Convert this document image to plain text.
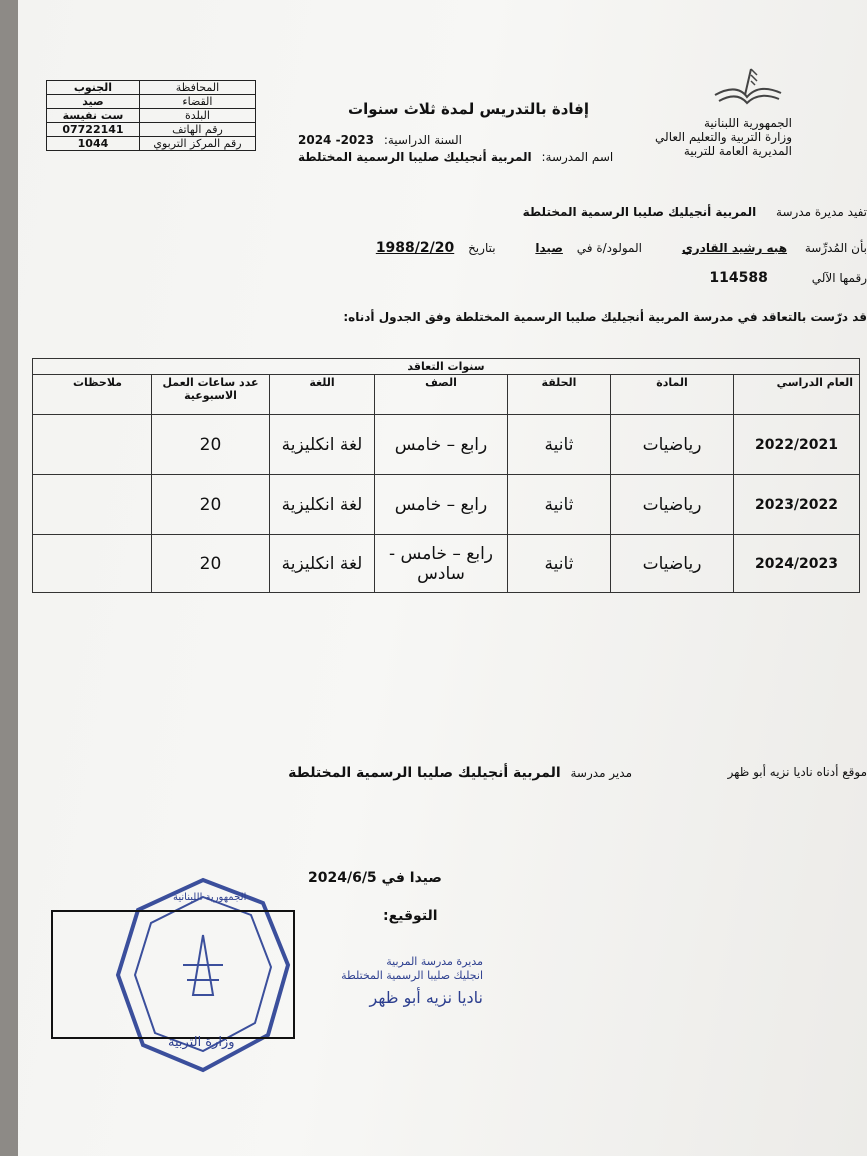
الجمهورية اللبنانية
وزارة التربية والتعليم العالي
المديرية العامة للتربية
إفادة بالتدريس لمدة ثلاث سنوات
السنة الدراسية: 2023- 2024
اسم المدرسة: المربية أنجيليك صليبا الرسمية المختلطة
المحافظة	الجنوب
القضاء	صيد
البلدة	ست نفيسة
رقم الهاتف	07722141
رقم المركز التربوي	1044
تفيد مديرة مدرسة المربية أنجيليك صليبا الرسمية المختلطة
بأن المُدرِّسة هبه رشيد القادري المولود/ة في صيدا بتاريخ 1988/2/20
رقمها الآلي 114588
قد درّست بالتعاقد في مدرسة المربية أنجيليك صليبا الرسمية المختلطة وفق الجدول أدناه:
سنوات التعاقد						
العام الدراسي	المادة	الحلقة	الصف	اللغة	عدد ساعات العمل الاسبوعية	ملاحظات
2022/2021	رياضيات	ثانية	رابع – خامس	لغة انكليزية	20	
2023/2022	رياضيات	ثانية	رابع – خامس	لغة انكليزية	20	
2024/2023	رياضيات	ثانية	رابع – خامس - سادس	لغة انكليزية	20	
موقع أدناه ناديا نزيه أبو ظهر
مدير مدرسة المربية أنجيليك صليبا الرسمية المختلطة
صيدا في 2024/6/5
التوقيع:
مديرة مدرسة المربية
انجليك صليبا الرسمية المختلطة
ناديا نزيه أبو ظهر
وزارة التربية
الجمهورية اللبنانية
